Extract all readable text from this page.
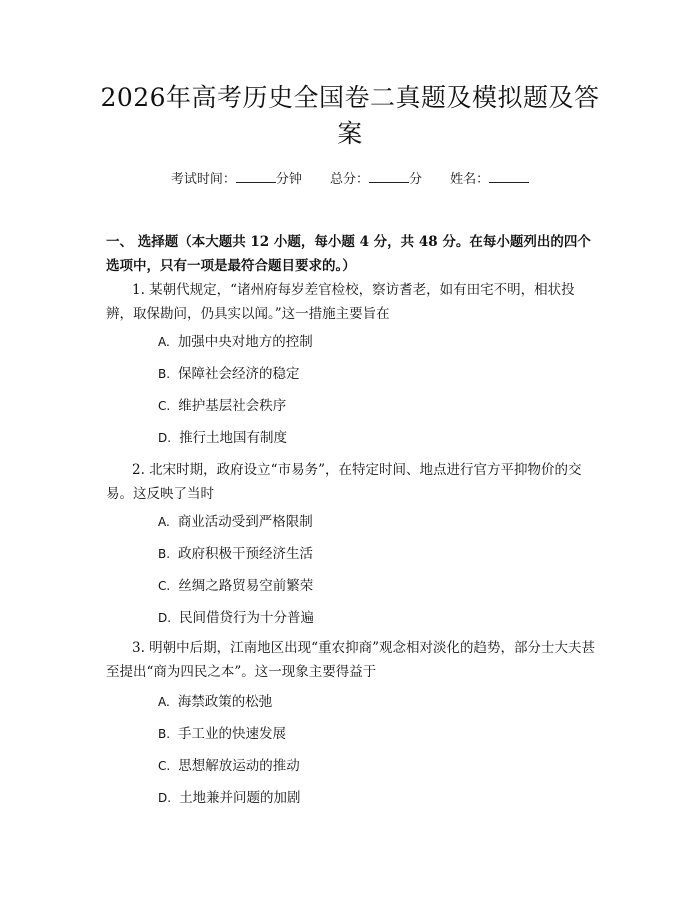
2026年高考历史全国卷二真题及模拟题及答案
考试时间：	分钟 总分：	分 姓名：
一、 选择题（本大题共 12 小题，每小题 4 分，共 48 分。在每小题列出的四个选项中，只有一项是最符合题目要求的。）
1. 某朝代规定，“诸州府每岁差官检校，察访耆老，如有田宅不明，相状投辨，取保勘问，仍具实以闻。”这一措施主要旨在
A. 加强中央对地方的控制
B. 保障社会经济的稳定
C. 维护基层社会秩序
D. 推行土地国有制度
2. 北宋时期，政府设立“市易务”，在特定时间、地点进行官方平抑物价的交易。这反映了当时
A. 商业活动受到严格限制
B. 政府积极干预经济生活
C. 丝绸之路贸易空前繁荣
D. 民间借贷行为十分普遍
3. 明朝中后期，江南地区出现“重农抑商”观念相对淡化的趋势，部分士大夫甚至提出“商为四民之本”。这一现象主要得益于
A. 海禁政策的松弛
B. 手工业的快速发展
C. 思想解放运动的推动
D. 土地兼并问题的加剧
